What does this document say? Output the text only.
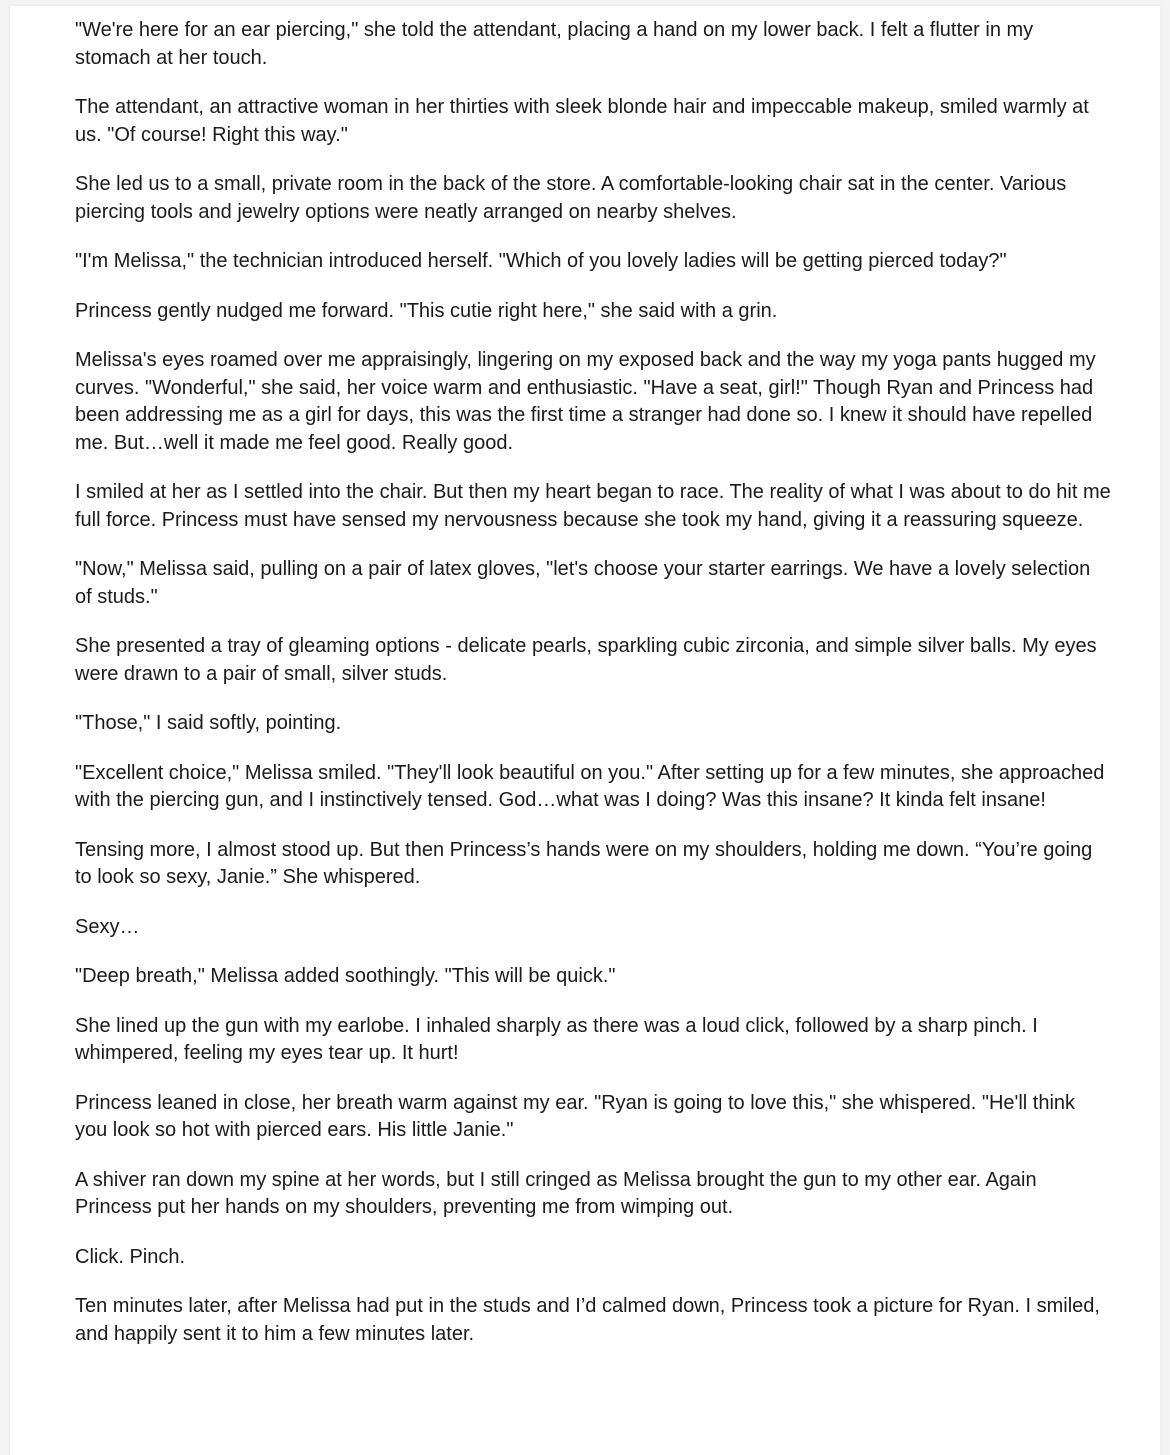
"We're here for an ear piercing," she told the attendant, placing a hand on my lower back. I felt a flutter in my stomach at her touch.

The attendant, an attractive woman in her thirties with sleek blonde hair and impeccable makeup, smiled warmly at us. "Of course! Right this way."

She led us to a small, private room in the back of the store. A comfortable-looking chair sat in the center. Various piercing tools and jewelry options were neatly arranged on nearby shelves.

"I'm Melissa," the technician introduced herself. "Which of you lovely ladies will be getting pierced today?"

Princess gently nudged me forward. "This cutie right here," she said with a grin.

Melissa's eyes roamed over me appraisingly, lingering on my exposed back and the way my yoga pants hugged my curves. "Wonderful," she said, her voice warm and enthusiastic. "Have a seat, girl!" Though Ryan and Princess had been addressing me as a girl for days, this was the first time a stranger had done so. I knew it should have repelled me. But…well it made me feel good. Really good.

I smiled at her as I settled into the chair. But then my heart began to race. The reality of what I was about to do hit me full force. Princess must have sensed my nervousness because she took my hand, giving it a reassuring squeeze.

"Now," Melissa said, pulling on a pair of latex gloves, "let's choose your starter earrings. We have a lovely selection of studs."

She presented a tray of gleaming options - delicate pearls, sparkling cubic zirconia, and simple silver balls. My eyes were drawn to a pair of small, silver studs.

"Those," I said softly, pointing.

"Excellent choice," Melissa smiled. "They'll look beautiful on you." After setting up for a few minutes, she approached with the piercing gun, and I instinctively tensed. God…what was I doing? Was this insane? It kinda felt insane!

Tensing more, I almost stood up. But then Princess’s hands were on my shoulders, holding me down. “You’re going to look so sexy, Janie.” She whispered.

Sexy…

"Deep breath," Melissa added soothingly. "This will be quick."

She lined up the gun with my earlobe. I inhaled sharply as there was a loud click, followed by a sharp pinch. I whimpered, feeling my eyes tear up. It hurt!

Princess leaned in close, her breath warm against my ear. "Ryan is going to love this," she whispered. "He'll think you look so hot with pierced ears. His little Janie."

A shiver ran down my spine at her words, but I still cringed as Melissa brought the gun to my other ear. Again Princess put her hands on my shoulders, preventing me from wimping out.

Click. Pinch.

Ten minutes later, after Melissa had put in the studs and I’d calmed down, Princess took a picture for Ryan. I smiled, and happily sent it to him a few minutes later.
